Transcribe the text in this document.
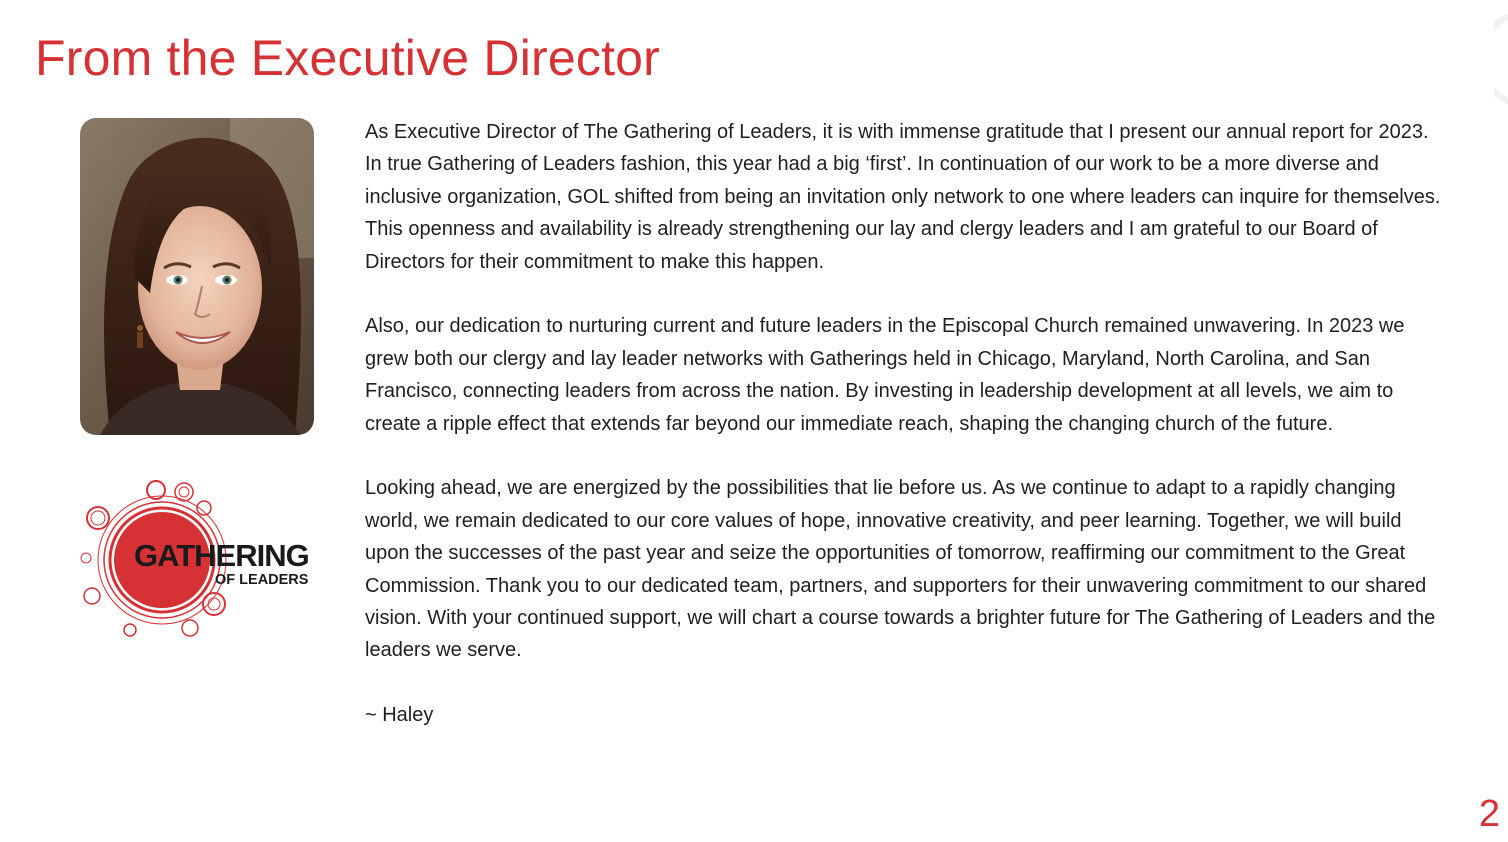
From the Executive Director
GATHERING
OF LEADERS

As Executive Director of The Gathering of Leaders, it is with immense gratitude that I present our annual report for 2023. In true Gathering of Leaders fashion, this year had a big ‘first’. In continuation of our work to be a more diverse and inclusive organization, GOL shifted from being an invitation only network to one where leaders can inquire for themselves. This openness and availability is already strengthening our lay and clergy leaders and I am grateful to our Board of Directors for their commitment to make this happen.

Also, our dedication to nurturing current and future leaders in the Episcopal Church remained unwavering. In 2023 we grew both our clergy and lay leader networks with Gatherings held in Chicago, Maryland, North Carolina, and San Francisco, connecting leaders from across the nation. By investing in leadership development at all levels, we aim to create a ripple effect that extends far beyond our immediate reach, shaping the changing church of the future.

Looking ahead, we are energized by the possibilities that lie before us. As we continue to adapt to a rapidly changing world, we remain dedicated to our core values of hope, innovative creativity, and peer learning. Together, we will build upon the successes of the past year and seize the opportunities of tomorrow, reaffirming our commitment to the Great Commission. Thank you to our dedicated team, partners, and supporters for their unwavering commitment to our shared vision. With your continued support, we will chart a course towards a brighter future for The Gathering of Leaders and the leaders we serve.

~ Haley

2
